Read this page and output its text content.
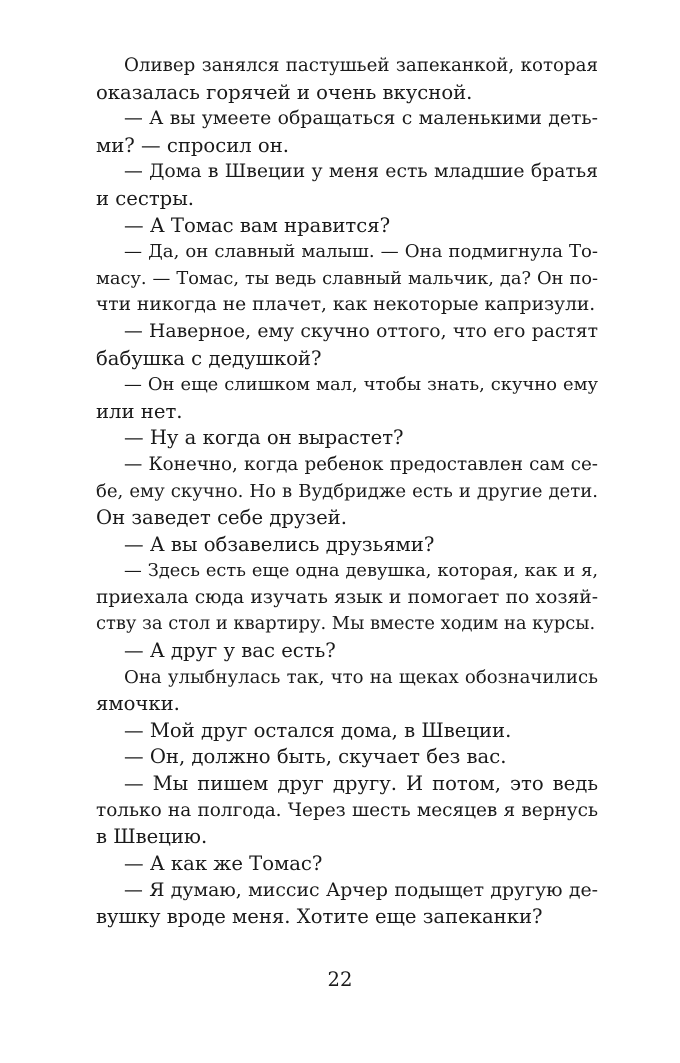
Оливер занялся пастушьей запеканкой, которая
оказалась горячей и очень вкусной.
— А вы умеете обращаться с маленькими деть-
ми? — спросил он.
— Дома в Швеции у меня есть младшие братья
и сестры.
— А Томас вам нравится?
— Да, он славный малыш. — Она подмигнула То-
масу. — Томас, ты ведь славный мальчик, да? Он по-
чти никогда не плачет, как некоторые капризули.
— Наверное, ему скучно оттого, что его растят
бабушка с дедушкой?
— Он еще слишком мал, чтобы знать, скучно ему
или нет.
— Ну а когда он вырастет?
— Конечно, когда ребенок предоставлен сам се-
бе, ему скучно. Но в Вудбридже есть и другие дети.
Он заведет себе друзей.
— А вы обзавелись друзьями?
— Здесь есть еще одна девушка, которая, как и я,
приехала сюда изучать язык и помогает по хозяй-
ству за стол и квартиру. Мы вместе ходим на курсы.
— А друг у вас есть?
Она улыбнулась так, что на щеках обозначились
ямочки.
— Мой друг остался дома, в Швеции.
— Он, должно быть, скучает без вас.
— Мы пишем друг другу. И потом, это ведь
только на полгода. Через шесть месяцев я вернусь
в Швецию.
— А как же Томас?
— Я думаю, миссис Арчер подыщет другую де-
вушку вроде меня. Хотите еще запеканки?
22
